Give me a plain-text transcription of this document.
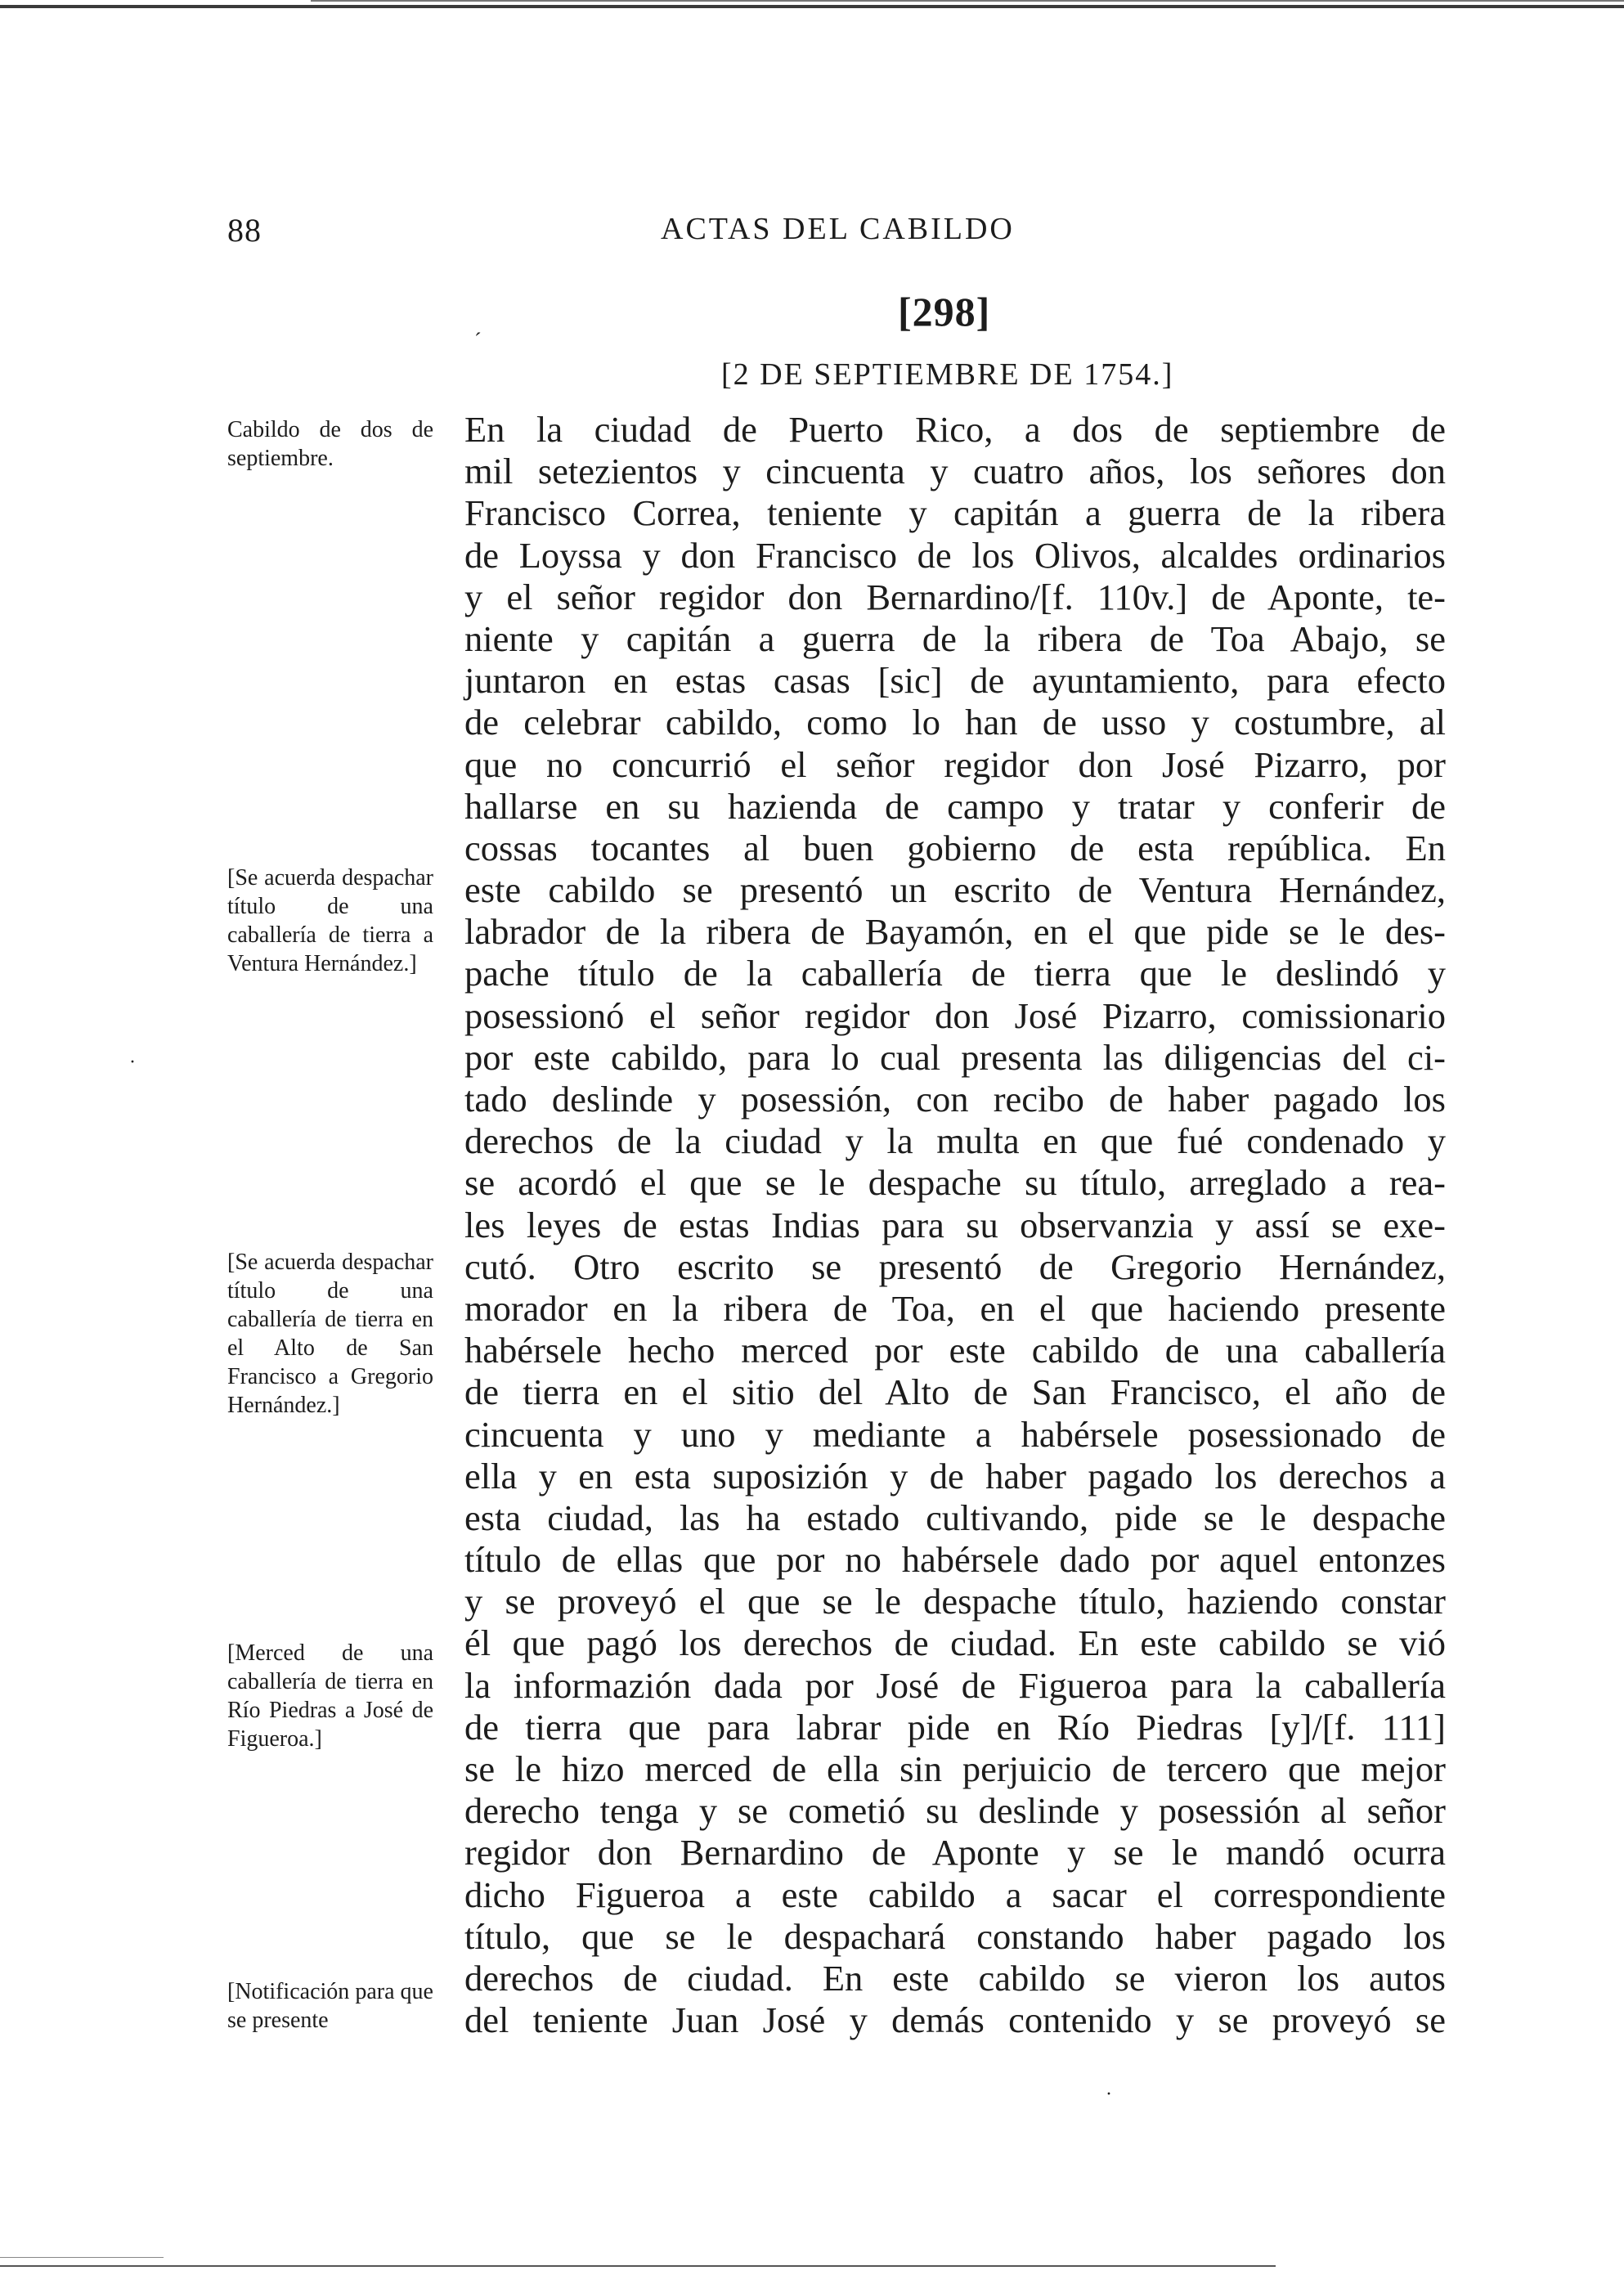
88	ACTAS DEL CABILDO
[298]
ˊ
[2 DE SEPTIEMBRE DE 1754.]
Cabildo de dos de septiembre.
[Se acuerda despachar título de una caballería de tierra a Ventura Hernández.]
[Se acuerda despachar título de una caballería de tierra en el Alto de San Francisco a Gregorio Hernández.]
[Merced de una caballería de tierra en Río Piedras a José de Figueroa.]
[Notificación para que se presente
·
·
En la ciudad de Puerto Rico, a dos de septiembre de
mil setezientos y cincuenta y cuatro años, los señores don
Francisco Correa, teniente y capitán a guerra de la ribera
de Loyssa y don Francisco de los Olivos, alcaldes ordinarios
y el señor regidor don Bernardino/[f. 110v.] de Aponte, te-
niente y capitán a guerra de la ribera de Toa Abajo, se
juntaron en estas casas [sic] de ayuntamiento, para efecto
de celebrar cabildo, como lo han de usso y costumbre, al
que no concurrió el señor regidor don José Pizarro, por
hallarse en su hazienda de campo y tratar y conferir de
cossas tocantes al buen gobierno de esta república. En
este cabildo se presentó un escrito de Ventura Hernández,
labrador de la ribera de Bayamón, en el que pide se le des-
pache título de la caballería de tierra que le deslindó y
posessionó el señor regidor don José Pizarro, comissionario
por este cabildo, para lo cual presenta las diligencias del ci-
tado deslinde y posessión, con recibo de haber pagado los
derechos de la ciudad y la multa en que fué condenado y
se acordó el que se le despache su título, arreglado a rea-
les leyes de estas Indias para su observanzia y assí se exe-
cutó. Otro escrito se presentó de Gregorio Hernández,
morador en la ribera de Toa, en el que haciendo presente
habérsele hecho merced por este cabildo de una caballería
de tierra en el sitio del Alto de San Francisco, el año de
cincuenta y uno y mediante a habérsele posessionado de
ella y en esta suposizión y de haber pagado los derechos a
esta ciudad, las ha estado cultivando, pide se le despache
título de ellas que por no habérsele dado por aquel entonzes
y se proveyó el que se le despache título, haziendo constar
él que pagó los derechos de ciudad. En este cabildo se vió
la informazión dada por José de Figueroa para la caballería
de tierra que para labrar pide en Río Piedras [y]/[f. 111]
se le hizo merced de ella sin perjuicio de tercero que mejor
derecho tenga y se cometió su deslinde y posessión al señor
regidor don Bernardino de Aponte y se le mandó ocurra
dicho Figueroa a este cabildo a sacar el correspondiente
título, que se le despachará constando haber pagado los
derechos de ciudad. En este cabildo se vieron los autos
del teniente Juan José y demás contenido y se proveyó se
